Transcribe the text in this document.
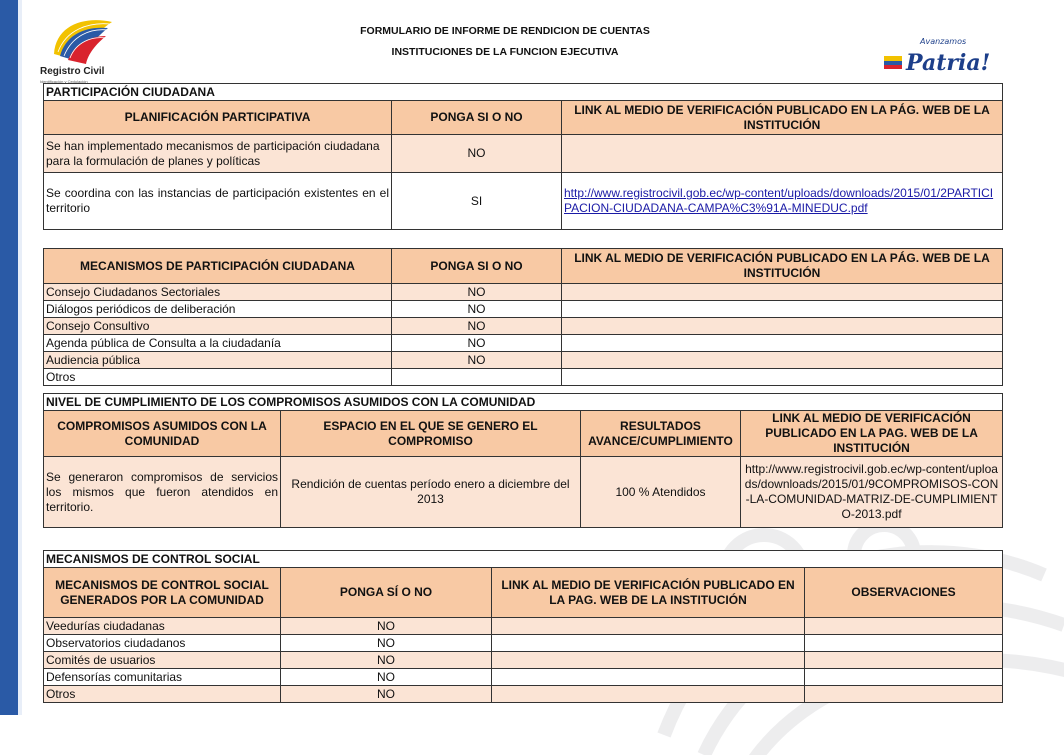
Registro Civil
Identificación y Cedulación
Patria!
Avanzamos
FORMULARIO DE INFORME DE RENDICION DE CUENTAS
INSTITUCIONES DE LA FUNCION EJECUTIVA
PARTICIPACIÓN CIUDADANA		
PLANIFICACIÓN PARTICIPATIVA	PONGA SI O NO	LINK AL MEDIO DE VERIFICACIÓN PUBLICADO EN LA PÁG. WEB DE LA INSTITUCIÓN
Se han implementado mecanismos de participación ciudadana para la formulación de planes y políticas	NO	
Se coordina con las instancias de participación existentes en el territorio	SI	http://www.registrocivil.gob.ec/wp-content/uploads/downloads/2015/01/2PARTICIPACION-CIUDADANA-CAMPA%C3%91A-MINEDUC.pdf
MECANISMOS DE PARTICIPACIÓN CIUDADANA	PONGA SI O NO	LINK AL MEDIO DE VERIFICACIÓN PUBLICADO EN LA PÁG. WEB DE LA INSTITUCIÓN
Consejo Ciudadanos Sectoriales	NO	
Diálogos periódicos de deliberación	NO	
Consejo Consultivo	NO	
Agenda pública de Consulta a la ciudadanía	NO	
Audiencia pública	NO	
Otros		
NIVEL DE CUMPLIMIENTO DE LOS COMPROMISOS ASUMIDOS CON LA COMUNIDAD			
COMPROMISOS ASUMIDOS CON LA COMUNIDAD	ESPACIO EN EL QUE SE GENERO EL COMPROMISO	RESULTADOS AVANCE/CUMPLIMIENTO	LINK AL MEDIO DE VERIFICACIÓN PUBLICADO EN LA PAG. WEB DE LA INSTITUCIÓN
Se generaron compromisos de servicios los mismos que fueron atendidos en territorio.	Rendición de cuentas período enero a diciembre del 2013	100 % Atendidos	http://www.registrocivil.gob.ec/wp-content/uploads/downloads/2015/01/9COMPROMISOS-CON-LA-COMUNIDAD-MATRIZ-DE-CUMPLIMIENTO-2013.pdf
MECANISMOS DE CONTROL SOCIAL			
MECANISMOS DE CONTROL SOCIAL GENERADOS POR LA COMUNIDAD	PONGA SÍ O NO	LINK AL MEDIO DE VERIFICACIÓN PUBLICADO EN LA PAG. WEB DE LA INSTITUCIÓN	OBSERVACIONES
Veedurías ciudadanas	NO		
Observatorios ciudadanos	NO		
Comités de usuarios	NO		
Defensorías comunitarias	NO		
Otros	NO		
